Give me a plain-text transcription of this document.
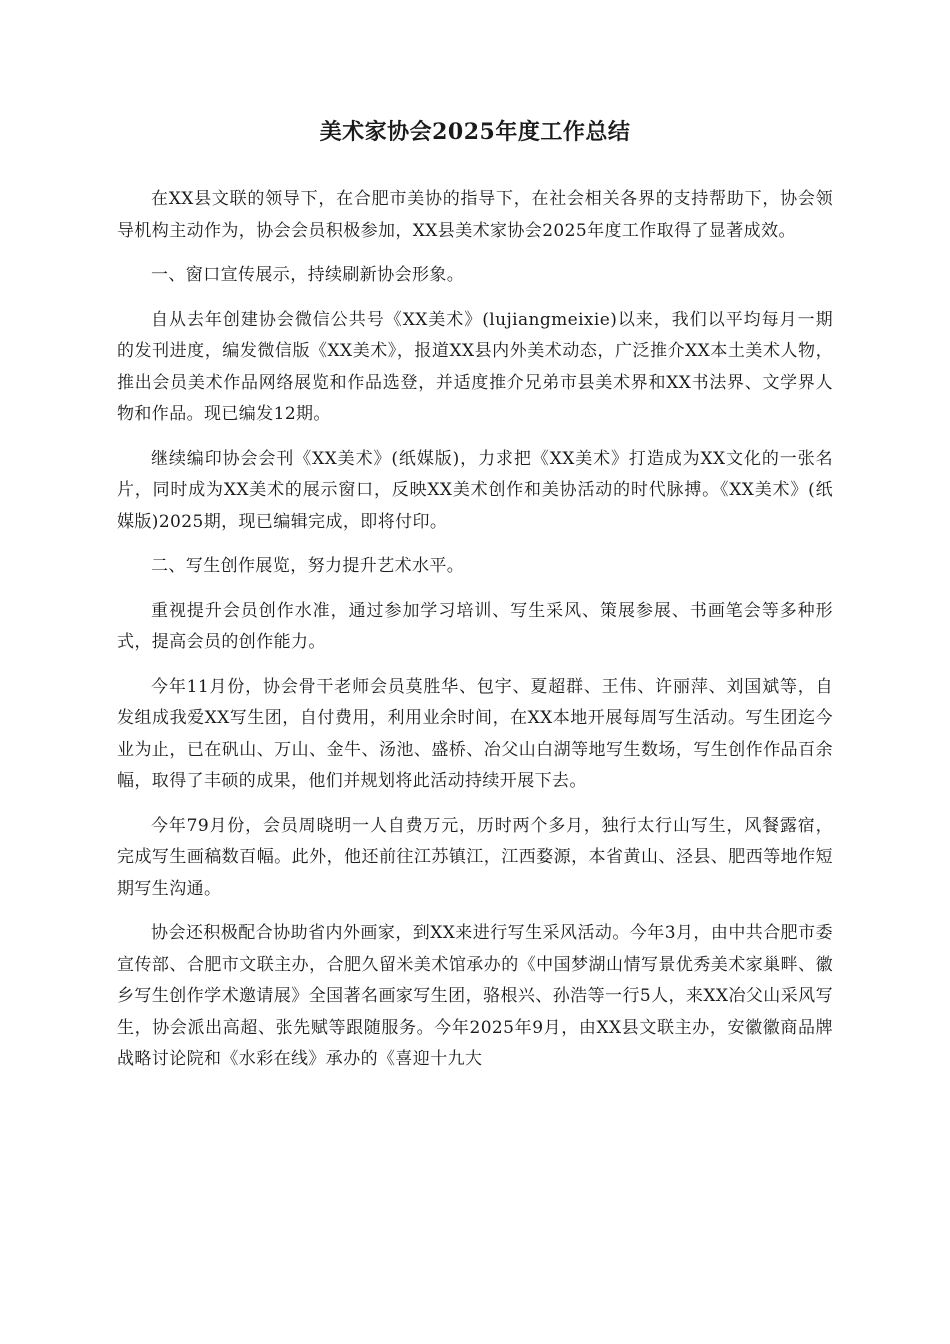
美术家协会2025年度工作总结

在XX县文联的领导下，在合肥市美协的指导下，在社会相关各界的支持帮助下，协会领导机构主动作为，协会会员积极参加，XX县美术家协会2025年度工作取得了显著成效。

一、窗口宣传展示，持续刷新协会形象。

自从去年创建协会微信公共号《XX美术》(lujiangmeixie)以来，我们以平均每月一期的发刊进度，编发微信版《XX美术》，报道XX县内外美术动态，广泛推介XX本土美术人物，推出会员美术作品网络展览和作品选登，并适度推介兄弟市县美术界和XX书法界、文学界人物和作品。现已编发12期。

继续编印协会会刊《XX美术》(纸媒版)，力求把《XX美术》打造成为XX文化的一张名片，同时成为XX美术的展示窗口，反映XX美术创作和美协活动的时代脉搏。《XX美术》(纸媒版)2025期，现已编辑完成，即将付印。

二、写生创作展览，努力提升艺术水平。

重视提升会员创作水准，通过参加学习培训、写生采风、策展参展、书画笔会等多种形式，提高会员的创作能力。

今年11月份，协会骨干老师会员莫胜华、包宇、夏超群、王伟、许丽萍、刘国斌等，自发组成我爱XX写生团，自付费用，利用业余时间，在XX本地开展每周写生活动。写生团迄今业为止，已在矾山、万山、金牛、汤池、盛桥、冶父山白湖等地写生数场，写生创作作品百余幅，取得了丰硕的成果，他们并规划将此活动持续开展下去。

今年79月份，会员周晓明一人自费万元，历时两个多月，独行太行山写生，风餐露宿，完成写生画稿数百幅。此外，他还前往江苏镇江，江西婺源，本省黄山、泾县、肥西等地作短期写生沟通。

协会还积极配合协助省内外画家，到XX来进行写生采风活动。今年3月，由中共合肥市委宣传部、合肥市文联主办，合肥久留米美术馆承办的《中国梦湖山情写景优秀美术家巢畔、徽乡写生创作学术邀请展》全国著名画家写生团，骆根兴、孙浩等一行5人，来XX冶父山采风写生，协会派出高超、张先赋等跟随服务。今年2025年9月，由XX县文联主办，安徽徽商品牌战略讨论院和《水彩在线》承办的《喜迎十九大
